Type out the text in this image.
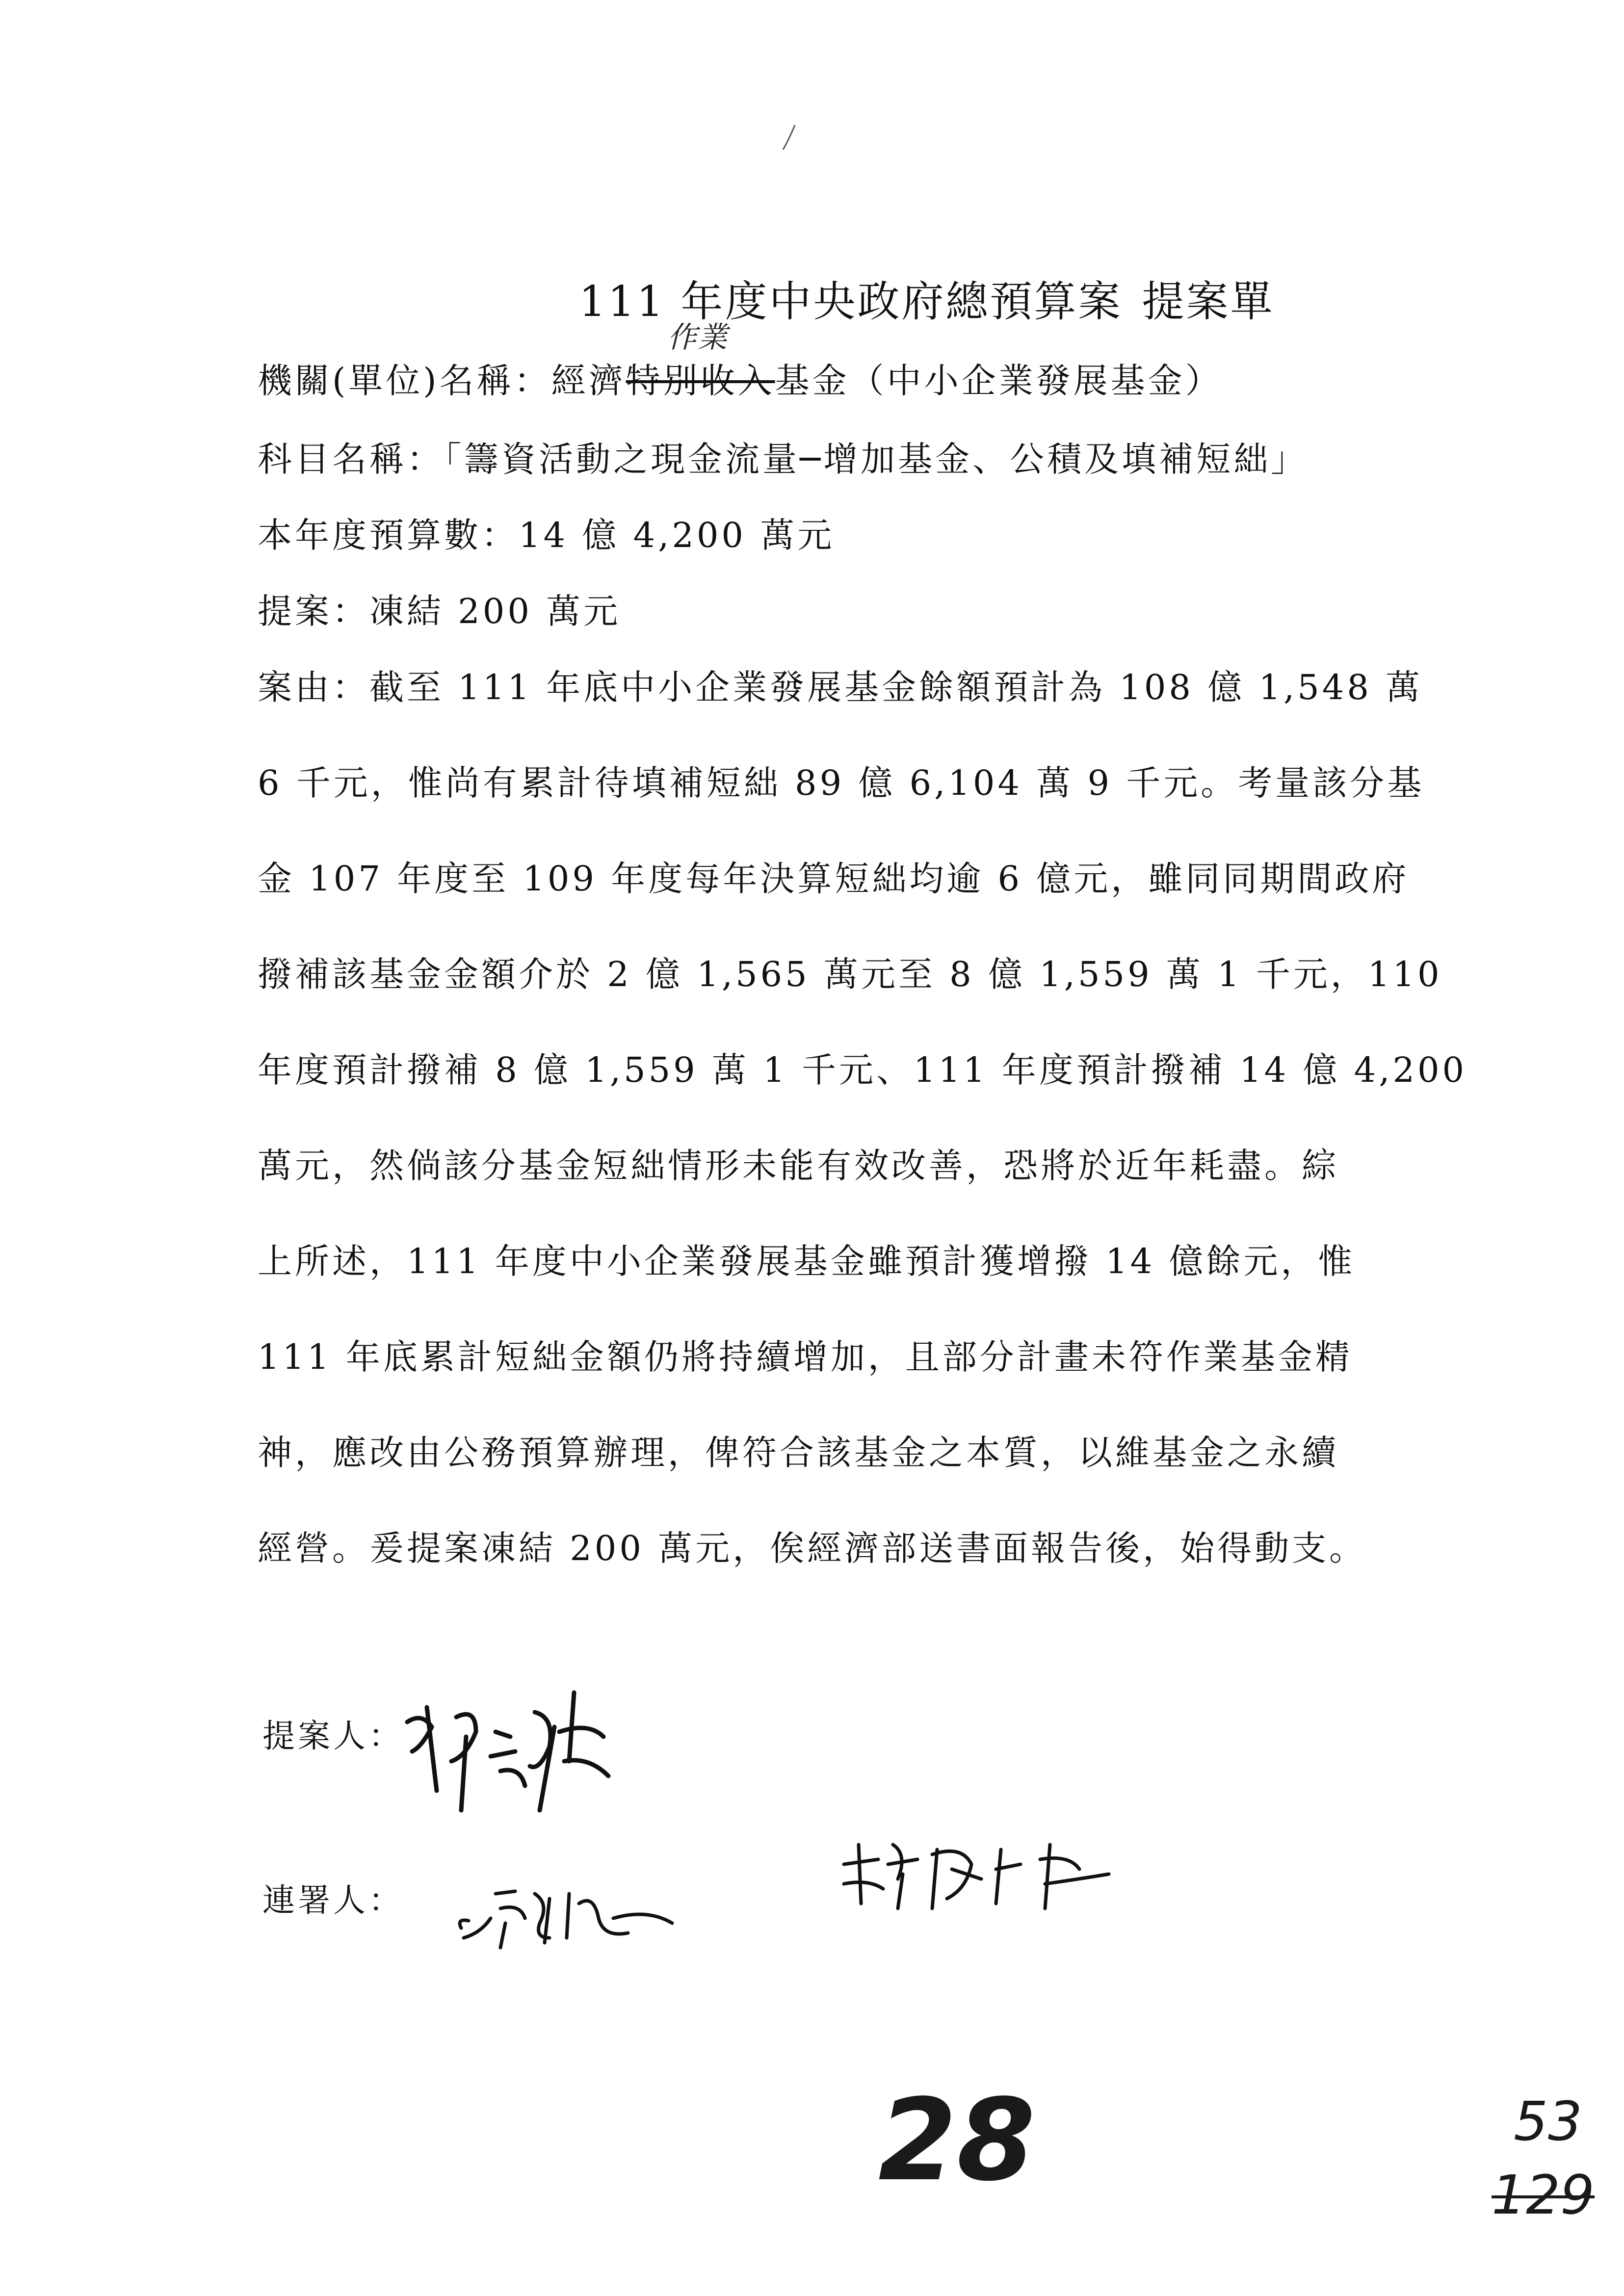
111 年度中央政府總預算案 提案單
作業
機關(單位)名稱：經濟特別收入基金（中小企業發展基金）
科目名稱：「籌資活動之現金流量─增加基金、公積及填補短絀」
本年度預算數：14 億 4,200 萬元
提案：凍結 200 萬元
案由：截至 111 年底中小企業發展基金餘額預計為 108 億 1,548 萬
6 千元，惟尚有累計待填補短絀 89 億 6,104 萬 9 千元。考量該分基
金 107 年度至 109 年度每年決算短絀均逾 6 億元，雖同同期間政府
撥補該基金金額介於 2 億 1,565 萬元至 8 億 1,559 萬 1 千元，110
年度預計撥補 8 億 1,559 萬 1 千元、111 年度預計撥補 14 億 4,200
萬元，然倘該分基金短絀情形未能有效改善，恐將於近年耗盡。綜
上所述，111 年度中小企業發展基金雖預計獲增撥 14 億餘元，惟
111 年底累計短絀金額仍將持續增加，且部分計畫未符作業基金精
神，應改由公務預算辦理，俾符合該基金之本質，以維基金之永續
經營。爰提案凍結 200 萬元，俟經濟部送書面報告後，始得動支。
提案人：
連署人：
28	53
129
